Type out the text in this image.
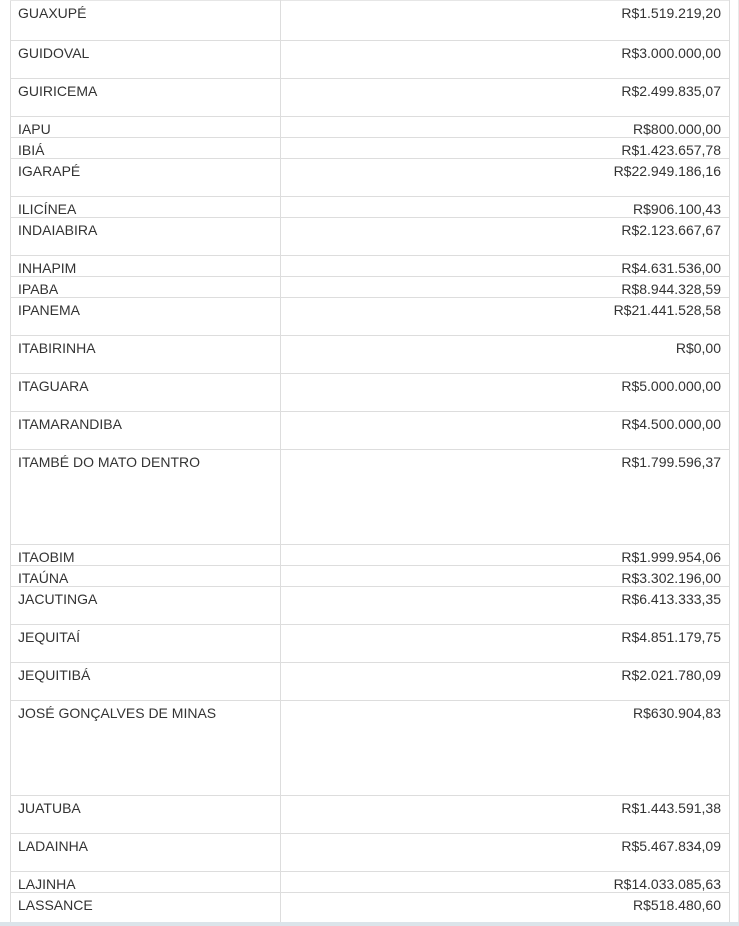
GUAXUPÉ	R$1.519.219,20
GUIDOVAL	R$3.000.000,00
GUIRICEMA	R$2.499.835,07
IAPU	R$800.000,00
IBIÁ	R$1.423.657,78
IGARAPÉ	R$22.949.186,16
ILICÍNEA	R$906.100,43
INDAIABIRA	R$2.123.667,67
INHAPIM	R$4.631.536,00
IPABA	R$8.944.328,59
IPANEMA	R$21.441.528,58
ITABIRINHA	R$0,00
ITAGUARA	R$5.000.000,00
ITAMARANDIBA	R$4.500.000,00
ITAMBÉ DO MATO DENTRO	R$1.799.596,37
ITAOBIM	R$1.999.954,06
ITAÚNA	R$3.302.196,00
JACUTINGA	R$6.413.333,35
JEQUITAÍ	R$4.851.179,75
JEQUITIBÁ	R$2.021.780,09
JOSÉ GONÇALVES DE MINAS	R$630.904,83
JUATUBA	R$1.443.591,38
LADAINHA	R$5.467.834,09
LAJINHA	R$14.033.085,63
LASSANCE	R$518.480,60
